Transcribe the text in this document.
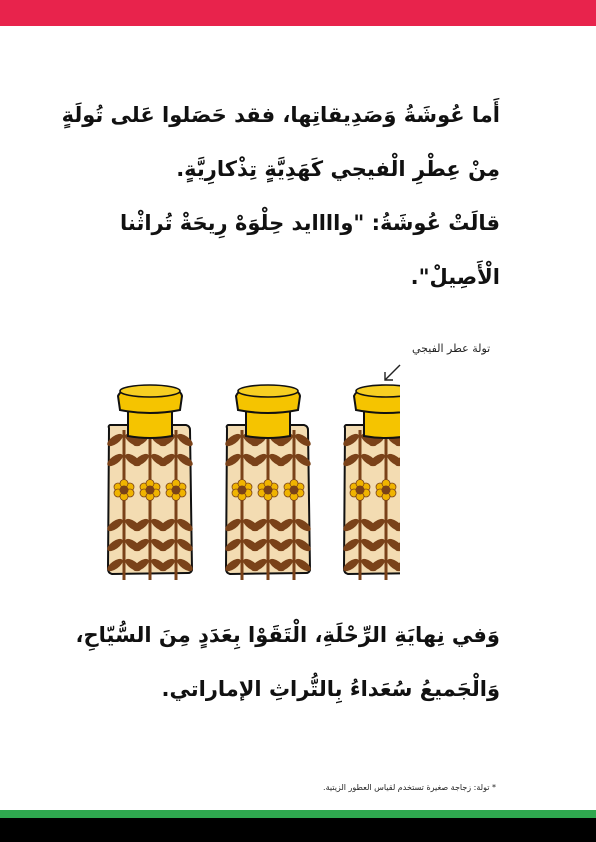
أَما عُوشَةُ وَصَدِيقاتِها، فقد حَصَلوا عَلى تُولَةٍ
مِنْ عِطْرِ الْفيجي كَهَدِيَّةٍ تِذْكارِيَّةٍ.
قالَتْ عُوشَةُ: "واااايد حِلْوَهْ رِيحَةْ تُراثْنا
الْأَصِيلْ".
تولة عطر الفيجي
وَفي نِهايَةِ الرِّحْلَةِ، الْتَقَوْا بِعَدَدٍ مِنَ السُّيّاحِ،
وَالْجَميعُ سُعَداءُ بِالتُّراثِ الإماراتي.
* تولة: زجاجة صغيرة تستخدم لقياس العطور الزيتية.
